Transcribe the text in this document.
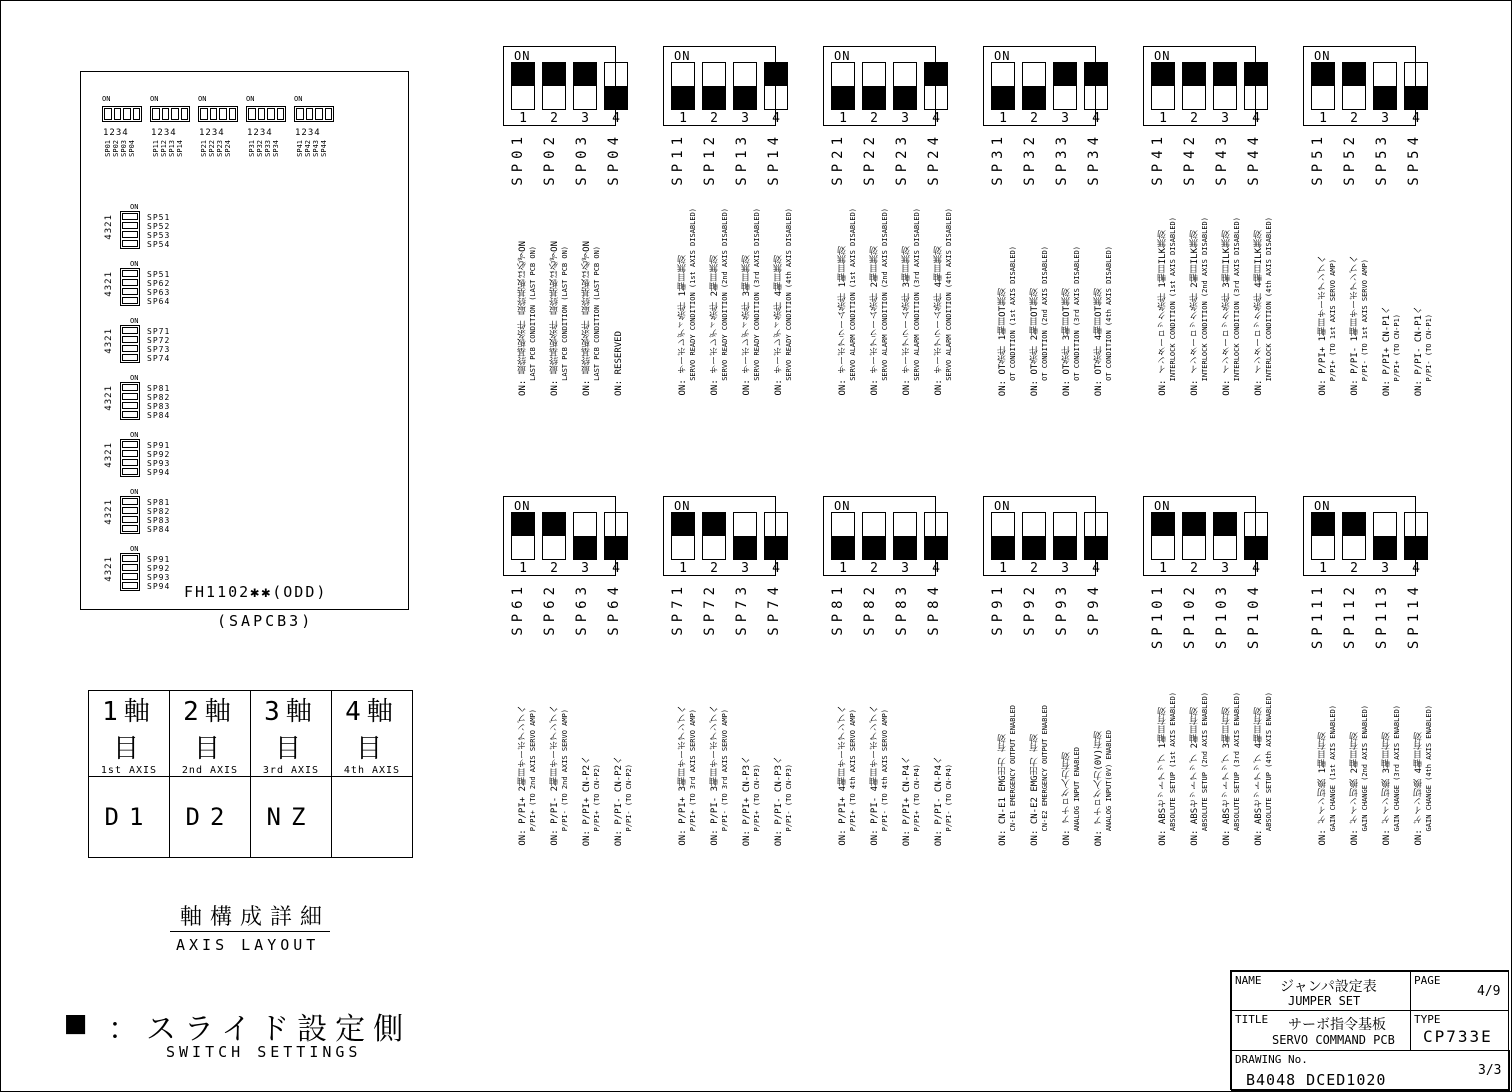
ON
1234
SP01 SP02 SP03 SP04
ON
1234
SP11 SP12 SP13 SP14
ON
1234
SP21 SP22 SP23 SP24
ON
1234
SP31 SP32 SP33 SP34
ON
1234
SP41 SP42 SP43 SP44
ON
4321	SP51
SP52
SP53
SP54
ON
4321	SP51
SP62
SP63
SP64
ON
4321	SP71
SP72
SP73
SP74
ON
4321	SP81
SP82
SP83
SP84
ON
4321	SP91
SP92
SP93
SP94
ON
4321	SP81
SP82
SP83
SP84
ON
4321	SP91
SP92
SP93
SP94 FH1102✱✱(ODD)
(SAPCB3)
ON
1	2	3	4
SP01 SP02 SP03 SP04
ON: 最終基板条件 最終基板は必ずON LAST PCB CONDITION (LAST PCB ON) ON: 最終基板条件 最終基板は必ずON LAST PCB CONDITION (LAST PCB ON) ON: 最終基板条件 最終基板は必ずON LAST PCB CONDITION (LAST PCB ON) ON: RESERVED
ON
1	2	3	4
SP11 SP12 SP13 SP14
ON: サーボレディ条件 1軸目無効 SERVO READY CONDITION (1st AXIS DISABLED) ON: サーボレディ条件 2軸目無効 SERVO READY CONDITION (2nd AXIS DISABLED) ON: サーボレディ条件 3軸目無効 SERVO READY CONDITION (3rd AXIS DISABLED) ON: サーボレディ条件 4軸目無効 SERVO READY CONDITION (4th AXIS DISABLED)
ON
1	2	3	4
SP21 SP22 SP23 SP24
ON: サーボアラーム条件 1軸目無効 SERVO ALARM CONDITION (1st AXIS DISABLED) ON: サーボアラーム条件 2軸目無効 SERVO ALARM CONDITION (2nd AXIS DISABLED) ON: サーボアラーム条件 3軸目無効 SERVO ALARM CONDITION (3rd AXIS DISABLED) ON: サーボアラーム条件 4軸目無効 SERVO ALARM CONDITION (4th AXIS DISABLED)
ON
1	2	3	4
SP31 SP32 SP33 SP34
ON: OT条件 1軸目OT無効 OT CONDITION (1st AXIS DISABLED) ON: OT条件 2軸目OT無効 OT CONDITION (2nd AXIS DISABLED) ON: OT条件 3軸目OT無効 OT CONDITION (3rd AXIS DISABLED) ON: OT条件 4軸目OT無効 OT CONDITION (4th AXIS DISABLED)
ON
1	2	3	4
SP41 SP42 SP43 SP44
ON: インターロック条件 1軸目ILK無効 INTERLOCK CONDITION (1st AXIS DISABLED) ON: インターロック条件 2軸目ILK無効 INTERLOCK CONDITION (2nd AXIS DISABLED) ON: インターロック条件 3軸目ILK無効 INTERLOCK CONDITION (3rd AXIS DISABLED) ON: インターロック条件 4軸目ILK無効 INTERLOCK CONDITION (4th AXIS DISABLED)
ON
1	2	3	4
SP51 SP52 SP53 SP54
ON: P/PI+ 1軸目サーボアンプへ P/PI+ (TO 1st AXIS SERVO AMP) ON: P/PI- 1軸目サーボアンプへ P/PI- (TO 1st AXIS SERVO AMP) ON: P/PI+ CN-P1へ P/PI+ (TO CN-P1) ON: P/PI- CN-P1へ P/PI- (TO CN-P1)
ON
1	2	3	4
SP61 SP62 SP63 SP64
ON: P/PI+ 2軸目サーボアンプへ P/PI+ (TO 2nd AXIS SERVO AMP) ON: P/PI- 2軸目サーボアンプへ P/PI- (TO 2nd AXIS SERVO AMP) ON: P/PI+ CN-P2へ P/PI+ (TO CN-P2) ON: P/PI- CN-P2へ P/PI- (TO CN-P2)
ON
1	2	3	4
SP71 SP72 SP73 SP74
ON: P/PI+ 3軸目サーボアンプへ P/PI+ (TO 3rd AXIS SERVO AMP) ON: P/PI- 3軸目サーボアンプへ P/PI- (TO 3rd AXIS SERVO AMP) ON: P/PI+ CN-P3へ P/PI+ (TO CN-P3) ON: P/PI- CN-P3へ P/PI- (TO CN-P3)
ON
1	2	3	4
SP81 SP82 SP83 SP84
ON: P/PI+ 4軸目サーボアンプへ P/PI+ (TO 4th AXIS SERVO AMP) ON: P/PI- 4軸目サーボアンプへ P/PI- (TO 4th AXIS SERVO AMP) ON: P/PI+ CN-P4へ P/PI+ (TO CN-P4) ON: P/PI- CN-P4へ P/PI- (TO CN-P4)
ON
1	2	3	4
SP91 SP92 SP93 SP94
ON: CN-E1 EMG出力 有効 CN-E1 EMERGENCY OUTPUT ENABLED ON: CN-E2 EMG出力 有効 CN-E2 EMERGENCY OUTPUT ENABLED ON: アナログ入力有効 ANALOG INPUT ENABLED ON: アナログ入力(0V)有効 ANALOG INPUT(0V) ENABLED
ON
1	2	3	4
SP101 SP102 SP103 SP104
ON: ABSセットアップ 1軸目有効 ABSOLUTE SETUP (1st AXIS ENABLED) ON: ABSセットアップ 2軸目有効 ABSOLUTE SETUP (2nd AXIS ENABLED) ON: ABSセットアップ 3軸目有効 ABSOLUTE SETUP (3rd AXIS ENABLED) ON: ABSセットアップ 4軸目有効 ABSOLUTE SETUP (4th AXIS ENABLED)
ON
1	2	3	4
SP111 SP112 SP113 SP114
ON: ゲイン切換 1軸目有効 GAIN CHANGE (1st AXIS ENABLED) ON: ゲイン切換 2軸目有効 GAIN CHANGE (2nd AXIS ENABLED) ON: ゲイン切換 3軸目有効 GAIN CHANGE (3rd AXIS ENABLED) ON: ゲイン切換 4軸目有効 GAIN CHANGE (4th AXIS ENABLED)
1軸目
1st AXIS	2軸目
2nd AXIS	3軸目
3rd AXIS	4軸目
4th AXIS

D1	D2	NZ	
軸構成詳細
AXIS LAYOUT
■ ：スライド設定側
SWITCH SETTINGS
NAME ジャンパ設定表
JUMPER SET
PAGE
4/9
TITLE サーボ指令基板
SERVO COMMAND PCB
TYPE
CP733E
DRAWING No.
B4048 DCED1020
3/3
